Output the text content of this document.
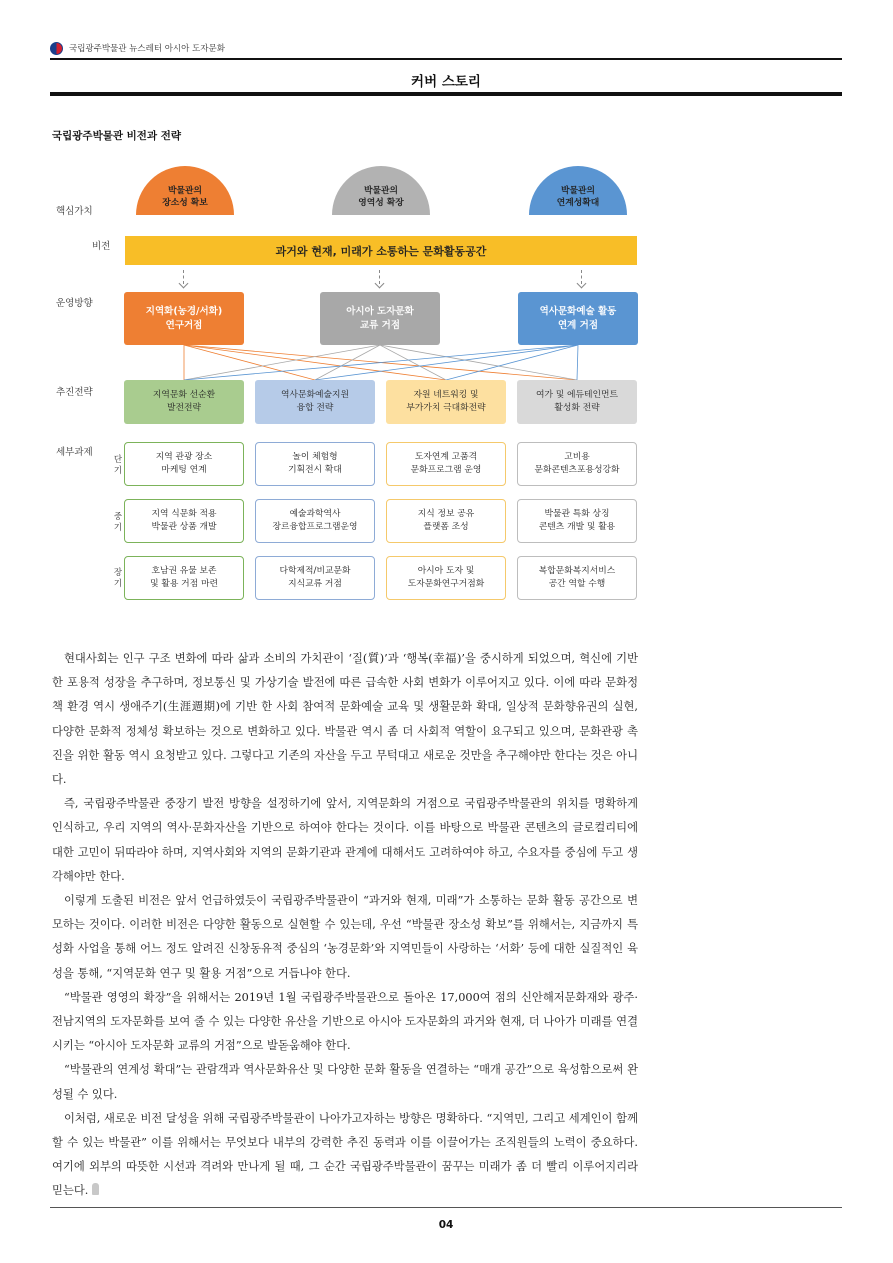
국립광주박물관 뉴스레터 아시아 도자문화
커버 스토리
국립광주박물관 비전과 전략
핵심가치
비전
운영방향
추진전략
세부과제
단
기
중
기
장
기
박물관의
장소성 확보
박물관의
영역성 확장
박물관의
연계성확대
과거와 현재, 미래가 소통하는 문화활동공간
지역화(농경/서화)
연구거점
아시아 도자문화
교류 거점
역사문화예술 활동
연계 거점
지역문화 선순환
발전전략
역사문화예술지원
융합 전략
자원 네트워킹 및
부가가치 극대화전략
여가 및 에듀테인먼트
활성화 전략
지역 관광 장소
마케팅 연계
놀이 체험형
기획전시 확대
도자연계 고품격
문화프로그램 운영
고비용
문화콘텐츠포용성강화
지역 식문화 적용
박물관 상품 개발
예술과학역사
장르융합프로그램운영
지식 정보 공유
플랫폼 조성
박물관 특화 상징
콘텐츠 개발 및 활용
호남권 유물 보존
및 활용 거점 마련
다학제적/비교문화
지식교류 거점
아시아 도자 및
도자문화연구거점화
복합문화복지서비스
공간 역할 수행

현대사회는 인구 구조 변화에 따라 삶과 소비의 가치관이 ‘질(質)’과 ‘행복(幸福)’을 중시하게 되었으며, 혁신에 기반한 포용적 성장을 추구하며, 정보통신 및 가상기술 발전에 따른 급속한 사회 변화가 이루어지고 있다. 이에 따라 문화정책 환경 역시 생애주기(生涯週期)에 기반 한 사회 참여적 문화예술 교육 및 생활문화 확대, 일상적 문화향유권의 실현, 다양한 문화적 정체성 확보하는 것으로 변화하고 있다. 박물관 역시 좀 더 사회적 역할이 요구되고 있으며, 문화관광 촉진을 위한 활동 역시 요청받고 있다. 그렇다고 기존의 자산을 두고 무턱대고 새로운 것만을 추구해야만 한다는 것은 아니다.

즉, 국립광주박물관 중장기 발전 방향을 설정하기에 앞서, 지역문화의 거점으로 국립광주박물관의 위치를 명확하게 인식하고, 우리 지역의 역사·문화자산을 기반으로 하여야 한다는 것이다. 이를 바탕으로 박물관 콘텐츠의 글로컬리티에 대한 고민이 뒤따라야 하며, 지역사회와 지역의 문화기관과 관계에 대해서도 고려하여야 하고, 수요자를 중심에 두고 생각해야만 한다.

이렇게 도출된 비전은 앞서 언급하였듯이 국립광주박물관이 “과거와 현재, 미래”가 소통하는 문화 활동 공간으로 변모하는 것이다. 이러한 비전은 다양한 활동으로 실현할 수 있는데, 우선 “박물관 장소성 확보”를 위해서는, 지금까지 특성화 사업을 통해 어느 정도 알려진 신창동유적 중심의 ‘농경문화’와 지역민들이 사랑하는 ‘서화’ 등에 대한 실질적인 육성을 통해, “지역문화 연구 및 활용 거점”으로 거듭나야 한다.

“박물관 영영의 확장”을 위해서는 2019년 1월 국립광주박물관으로 돌아온 17,000여 점의 신안해저문화재와 광주·전남지역의 도자문화를 보여 줄 수 있는 다양한 유산을 기반으로 아시아 도자문화의 과거와 현재, 더 나아가 미래를 연결시키는 “아시아 도자문화 교류의 거점”으로 발돋움해야 한다.

“박물관의 연계성 확대”는 관람객과 역사문화유산 및 다양한 문화 활동을 연결하는 “매개 공간”으로 육성함으로써 완성될 수 있다.

이처럼, 새로운 비전 달성을 위해 국립광주박물관이 나아가고자하는 방향은 명확하다. “지역민, 그리고 세계인이 함께 할 수 있는 박물관” 이를 위해서는 무엇보다 내부의 강력한 추진 동력과 이를 이끌어가는 조직원들의 노력이 중요하다. 여기에 외부의 따뜻한 시선과 격려와 만나게 될 때, 그 순간 국립광주박물관이 꿈꾸는 미래가 좀 더 빨리 이루어지리라 믿는다.

04
